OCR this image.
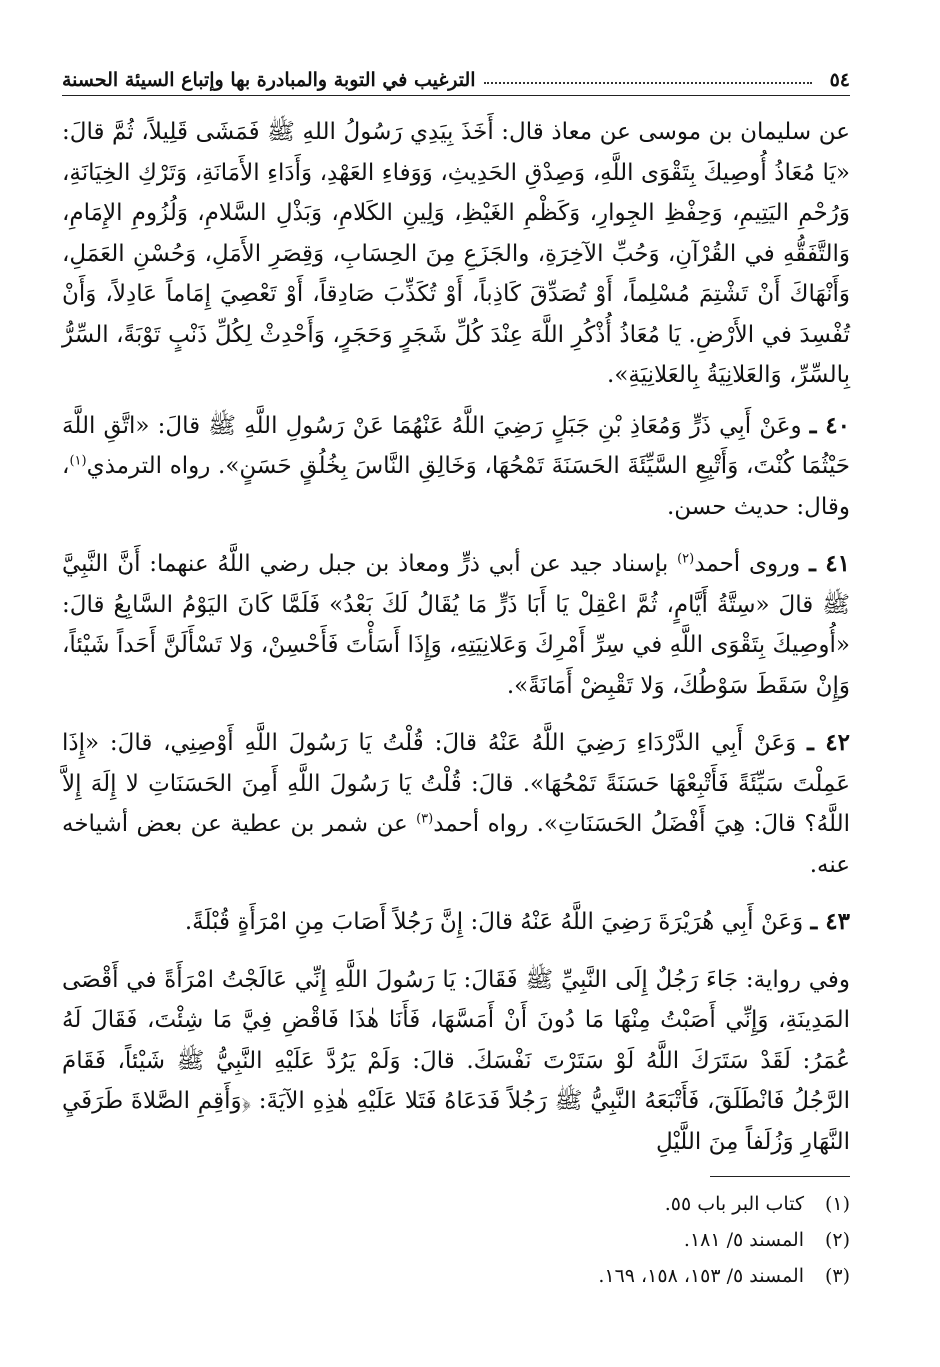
٥٤
الترغيب في التوبة والمبادرة بها وإتباع السيئة الحسنة

عن سليمان بن موسى عن معاذ قال: أَخَذَ بِيَدِي رَسُولُ اللهِ ﷺ فَمَشَى قَلِيلاً، ثُمَّ قالَ: «يَا مُعَاذُ أُوصِيكَ بِتَقْوَى اللَّهِ، وَصِدْقِ الحَدِيثِ، وَوَفاءِ العَهْدِ، وَأَدَاءِ الأَمَانَةِ، وَتَرْكِ الخِيَانَةِ، وَرُحْمِ اليَتِيمِ، وَحِفْظِ الجِوارِ، وَكَظْمِ الغَيْظِ، وَلِينِ الكَلامِ، وَبَذْلِ السَّلامِ، وَلُزُومِ الإِمَامِ، وَالتَّفَقُّهِ في القُرْآنِ، وَحُبِّ الآخِرَةِ، والجَزَعِ مِنَ الحِسَابِ، وَقِصَرِ الأَمَلِ، وَحُسْنِ العَمَلِ، وَأَنْهَاكَ أَنْ تَشْتِمَ مُسْلِماً، أَوْ تُصَدِّقَ كَاذِباً، أَوْ تُكَذِّبَ صَادِقاً، أَوْ تَعْصِيَ إِمَاماً عَادِلاً، وَأَنْ تُفْسِدَ في الأَرْضِ. يَا مُعَاذُ أُذْكُرِ اللَّهَ عِنْدَ كُلِّ شَجَرٍ وَحَجَرٍ، وَأَحْدِثْ لِكُلِّ ذَنْبٍ تَوْبَةً، السِّرُّ بِالسِّرِّ، وَالعَلانِيَةُ بِالعَلانِيَةِ».

٤٠ ـ وعَنْ أَبِي ذَرٍّ وَمُعَاذِ بْنِ جَبَلٍ رَضِيَ اللَّهُ عَنْهُمَا عَنْ رَسُولِ اللَّهِ ﷺ قالَ: «اتَّقِ اللَّهَ حَيْثُمَا كُنْتَ، وَأَتْبِعِ السَّيِّئَةَ الحَسَنَةَ تَمْحُهَا، وَخَالِقِ النَّاسَ بِخُلُقٍ حَسَنٍ». رواه الترمذي$^{(١)}$، وقال: حديث حسن.

٤١ ـ وروى أحمد$^{(٢)}$ بإسناد جيد عن أبي ذرٍّ ومعاذ بن جبل رضي اللَّهُ عنهما: أَنَّ النَّبِيَّ ﷺ قالَ «سِتَّةُ أَيَّامٍ، ثُمَّ اعْقِلْ يَا أَبَا ذَرٍّ مَا يُقَالُ لَكَ بَعْدُ» فَلَمَّا كَانَ اليَوْمُ السَّابِعُ قالَ: «أُوصِيكَ بِتَقْوَى اللَّهِ في سِرِّ أَمْرِكَ وَعَلانِيَتِهِ، وَإِذَا أَسَأْتَ فَأَحْسِنْ، وَلا تَسْأَلَنَّ أَحَداً شَيْئاً، وَإِنْ سَقَطَ سَوْطُكَ، وَلا تَقْبِضْ أَمَانَةً».

٤٢ ـ وَعَنْ أَبِي الدَّرْدَاءِ رَضِيَ اللَّهُ عَنْهُ قالَ: قُلْتُ يَا رَسُولَ اللَّهِ أَوْصِنِي، قالَ: «إِذَا عَمِلْتَ سَيِّئَةً فَأَتْبِعْهَا حَسَنَةً تَمْحُهَا». قالَ: قُلْتُ يَا رَسُولَ اللَّهِ أَمِنَ الحَسَنَاتِ لا إِلَهَ إِلاَّ اللَّهُ؟ قالَ: هِيَ أَفْضَلُ الحَسَنَاتِ». رواه أحمد$^{(٣)}$ عن شمر بن عطية عن بعض أشياخه عنه.

٤٣ ـ وَعَنْ أَبِي هُرَيْرَةَ رَضِيَ اللَّهُ عَنْهُ قالَ: إِنَّ رَجُلاً أَصَابَ مِنِ امْرَأَةٍ قُبْلَةً.

وفي رواية: جَاءَ رَجُلٌ إِلَى النَّبِيِّ ﷺ فَقَالَ: يَا رَسُولَ اللَّهِ إِنِّي عَالَجْتُ امْرَأَةً في أَقْصَى المَدِينَةِ، وَإِنِّي أَصَبْتُ مِنْهَا مَا دُونَ أَنْ أَمَسَّهَا، فَأَنَا هٰذَا فَاقْضِ فِيَّ مَا شِئْتَ، فَقَالَ لَهُ عُمَرُ: لَقَدْ سَتَرَكَ اللَّهُ لَوْ سَتَرْتَ نَفْسَكَ. قالَ: وَلَمْ يَرُدَّ عَلَيْهِ النَّبِيُّ ﷺ شَيْئاً، فَقَامَ الرَّجُلُ فَانْطَلَقَ، فَأَتْبَعَهُ النَّبِيُّ ﷺ رَجُلاً فَدَعَاهُ فَتَلا عَلَيْهِ هٰذِهِ الآيَةَ: ﴿وَأَقِمِ الصَّلاةَ طَرَفَيِ النَّهَارِ وَزُلَفاً مِنَ اللَّيْلِ

(١)
كتاب البر باب ٥٥.
(٢)
المسند ٥/ ١٨١.
(٣)
المسند ٥/ ١٥٣، ١٥٨، ١٦٩.
